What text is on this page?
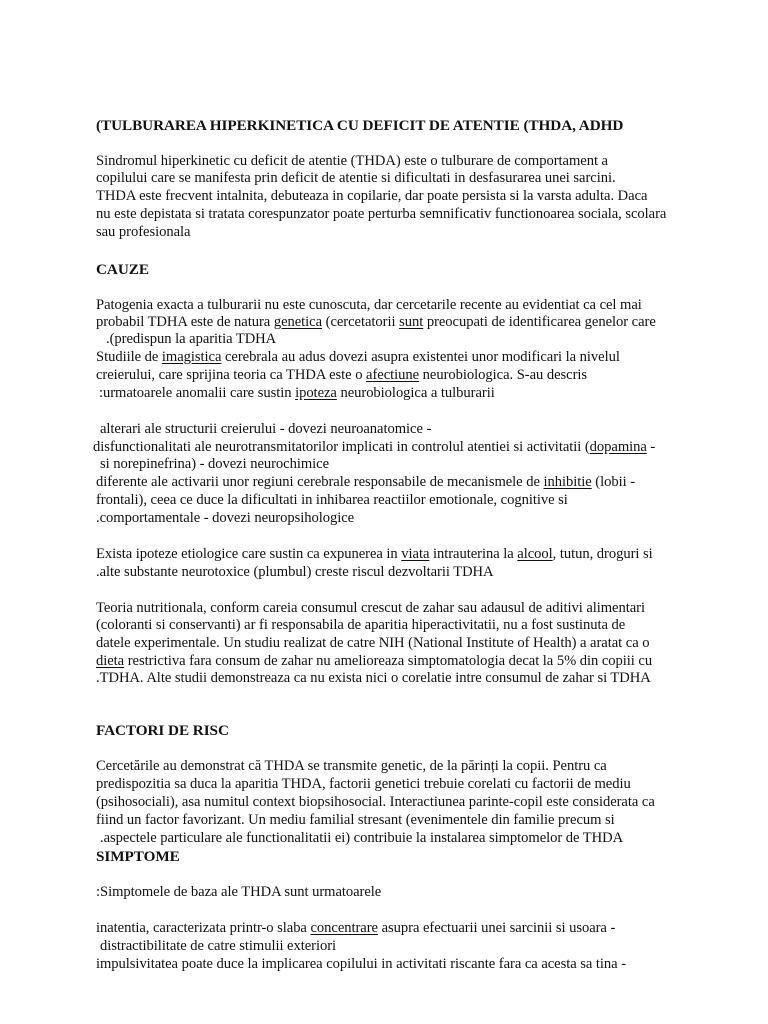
(TULBURAREA HIPERKINETICA CU DEFICIT DE ATENTIE (THDA, ADHD
Sindromul hiperkinetic cu deficit de atentie (THDA) este o tulburare de comportament a
copilului care se manifesta prin deficit de atentie si dificultati in desfasurarea unei sarcini.
THDA este frecvent intalnita, debuteaza in copilarie, dar poate persista si la varsta adulta. Daca
nu este depistata si tratata corespunzator poate perturba semnificativ functionoarea sociala, scolara
sau profesionala
CAUZE
Patogenia exacta a tulburarii nu este cunoscuta, dar cercetarile recente au evidentiat ca cel mai
probabil TDHA este de natura genetica (cercetatorii sunt preocupati de identificarea genelor care
.(predispun la aparitia TDHA
Studiile de imagistica cerebrala au adus dovezi asupra existentei unor modificari la nivelul
creierului, care sprijina teoria ca THDA este o afectiune neurobiologica. S-au descris
:urmatoarele anomalii care sustin ipoteza neurobiologica a tulburarii
alterari ale structurii creierului - dovezi neuroanatomice -
disfunctionalitati ale neurotransmitatorilor implicati in controlul atentiei si activitatii (dopamina -
si norepinefrina) - dovezi neurochimice
diferente ale activarii unor regiuni cerebrale responsabile de mecanismele de inhibitie (lobii -
frontali), ceea ce duce la dificultati in inhibarea reactiilor emotionale, cognitive si
.comportamentale - dovezi neuropsihologice
Exista ipoteze etiologice care sustin ca expunerea in viata intrauterina la alcool, tutun, droguri si
.alte substante neurotoxice (plumbul) creste riscul dezvoltarii TDHA
Teoria nutritionala, conform careia consumul crescut de zahar sau adausul de aditivi alimentari
(coloranti si conservanti) ar fi responsabila de aparitia hiperactivitatii, nu a fost sustinuta de
datele experimentale. Un studiu realizat de catre NIH (National Institute of Health) a aratat ca o
dieta restrictiva fara consum de zahar nu amelioreaza simptomatologia decat la 5% din copiii cu
.TDHA. Alte studii demonstreaza ca nu exista nici o corelatie intre consumul de zahar si TDHA
FACTORI DE RISC
Cercetările au demonstrat că THDA se transmite genetic, de la părinți la copii. Pentru ca
predispozitia sa duca la aparitia THDA, factorii genetici trebuie corelati cu factorii de mediu
(psihosociali), asa numitul context biopsihosocial. Interactiunea parinte-copil este considerata ca
fiind un factor favorizant. Un mediu familial stresant (evenimentele din familie precum si
.aspectele particulare ale functionalitatii ei) contribuie la instalarea simptomelor de THDA
SIMPTOME
:Simptomele de baza ale THDA sunt urmatoarele
inatentia, caracterizata printr-o slaba concentrare asupra efectuarii unei sarcinii si usoara -
distractibilitate de catre stimulii exteriori
impulsivitatea poate duce la implicarea copilului in activitati riscante fara ca acesta sa tina -
